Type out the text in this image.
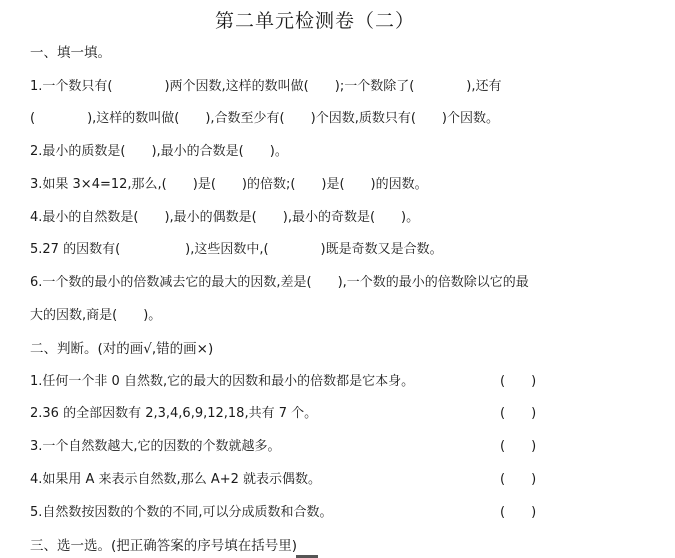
第二单元检测卷（二）
一、填一填。
1.一个数只有(　　　　)两个因数,这样的数叫做(　　);一个数除了(　　　　),还有
(　　　　),这样的数叫做(　　),合数至少有(　　)个因数,质数只有(　　)个因数。
2.最小的质数是(　　),最小的合数是(　　)。
3.如果 3×4=12,那么,(　　)是(　　)的倍数;(　　)是(　　)的因数。
4.最小的自然数是(　　),最小的偶数是(　　),最小的奇数是(　　)。
5.27 的因数有(　　　　　),这些因数中,(　　　　)既是奇数又是合数。
6.一个数的最小的倍数减去它的最大的因数,差是(　　),一个数的最小的倍数除以它的最
大的因数,商是(　　)。
二、判断。(对的画√,错的画×)
1.任何一个非 0 自然数,它的最大的因数和最小的倍数都是它本身。	(　　)
2.36 的全部因数有 2,3,4,6,9,12,18,共有 7 个。	(　　)
3.一个自然数越大,它的因数的个数就越多。	(　　)
4.如果用 A 来表示自然数,那么 A+2 就表示偶数。	(　　)
5.自然数按因数的个数的不同,可以分成质数和合数。	(　　)
三、选一选。(把正确答案的序号填在括号里)
